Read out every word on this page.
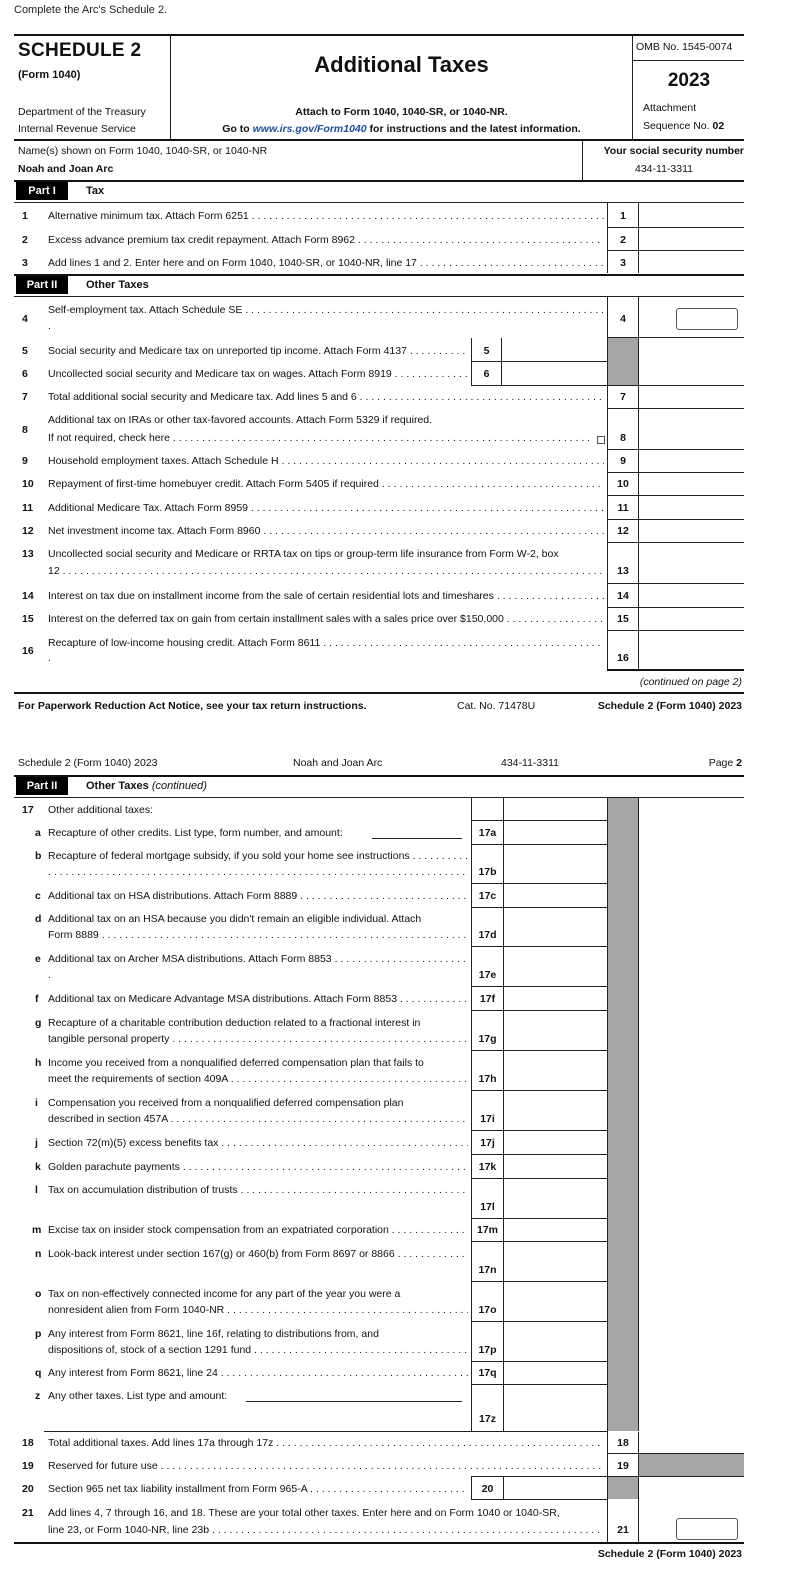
Complete the Arc's Schedule 2.
SCHEDULE 2
(Form 1040)
Department of the Treasury
Internal Revenue Service
Additional Taxes
Attach to Form 1040, 1040-SR, or 1040-NR.
Go to www.irs.gov/Form1040 for instructions and the latest information.
OMB No. 1545-0074
2023
Attachment
Sequence No. 02
Name(s) shown on Form 1040, 1040-SR, or 1040-NR
Noah and Joan Arc
Your social security number
434-11-3311
Part I	Tax
1 Alternative minimum tax. Attach Form 6251 . . .	1
2 Excess advance premium tax credit repayment. Attach Form 8962 . . .	2
3 Add lines 1 and 2. Enter here and on Form 1040, 1040-SR, or 1040-NR, line 17 . . .	3
Part II	Other Taxes
4
Self-employment tax. Attach Schedule SE . . .
.
4
5 Social security and Medicare tax on unreported tip income. Attach Form 4137 . . .	5
6 Uncollected social security and Medicare tax on wages. Attach Form 8919 . . .	6
7 Total additional social security and Medicare tax. Add lines 5 and 6 . . .	7
8
Additional tax on IRAs or other tax-favored accounts. Attach Form 5329 if required.
If not required, check here . . .	8
9 Household employment taxes. Attach Schedule H . . .	9
10 Repayment of first-time homebuyer credit. Attach Form 5405 if required . . .	10
11 Additional Medicare Tax. Attach Form 8959 . . .	11
12 Net investment income tax. Attach Form 8960 . . .	12
13 Uncollected social security and Medicare or RRTA tax on tips or group-term life insurance from Form W-2, box
12 . . .	13
14 Interest on tax due on installment income from the sale of certain residential lots and timeshares . . .	14
15 Interest on the deferred tax on gain from certain installment sales with a sales price over $150,000 . . .	15
16
Recapture of low-income housing credit. Attach Form 8611 . . .
.	16
(continued on page 2)
For Paperwork Reduction Act Notice, see your tax return instructions.	Cat. No. 71478U	Schedule 2 (Form 1040) 2023
Schedule 2 (Form 1040) 2023	Noah and Joan Arc	434-11-3311	Page 2
Part II	Other Taxes (continued)
17 Other additional taxes:
a Recapture of other credits. List type, form number, and amount:	17a
b Recapture of federal mortgage subsidy, if you sold your home see instructions . . .
. . .
17b
c Additional tax on HSA distributions. Attach Form 8889 . . .	17c
d Additional tax on an HSA because you didn't remain an eligible individual. Attach
Form 8889 . . .	17d
e Additional tax on Archer MSA distributions. Attach Form 8853 . . .
.	17e
f Additional tax on Medicare Advantage MSA distributions. Attach Form 8853 . . .	17f
g Recapture of a charitable contribution deduction related to a fractional interest in
tangible personal property . . .	17g
h Income you received from a nonqualified deferred compensation plan that fails to
meet the requirements of section 409A . . .	17h
i Compensation you received from a nonqualified deferred compensation plan
described in section 457A . . .	17i
j Section 72(m)(5) excess benefits tax . . .	17j
k Golden parachute payments . . .	17k
l Tax on accumulation distribution of trusts . . .
17l
m Excise tax on insider stock compensation from an expatriated corporation . . .	17m
n Look-back interest under section 167(g) or 460(b) from Form 8697 or 8866 . . .
17n
o Tax on non-effectively connected income for any part of the year you were a
nonresident alien from Form 1040-NR . . .	17o
p Any interest from Form 8621, line 16f, relating to distributions from, and
dispositions of, stock of a section 1291 fund . . .	17p
q Any interest from Form 8621, line 24 . . .	17q
z Any other taxes. List type and amount:
17z
18 Total additional taxes. Add lines 17a through 17z . . .	18
19 Reserved for future use . . .	19
20 Section 965 net tax liability installment from Form 965-A . . .	20
21 Add lines 4, 7 through 16, and 18. These are your total other taxes. Enter here and on Form 1040 or 1040-SR,
line 23, or Form 1040-NR, line 23b . . .	21
Schedule 2 (Form 1040) 2023
